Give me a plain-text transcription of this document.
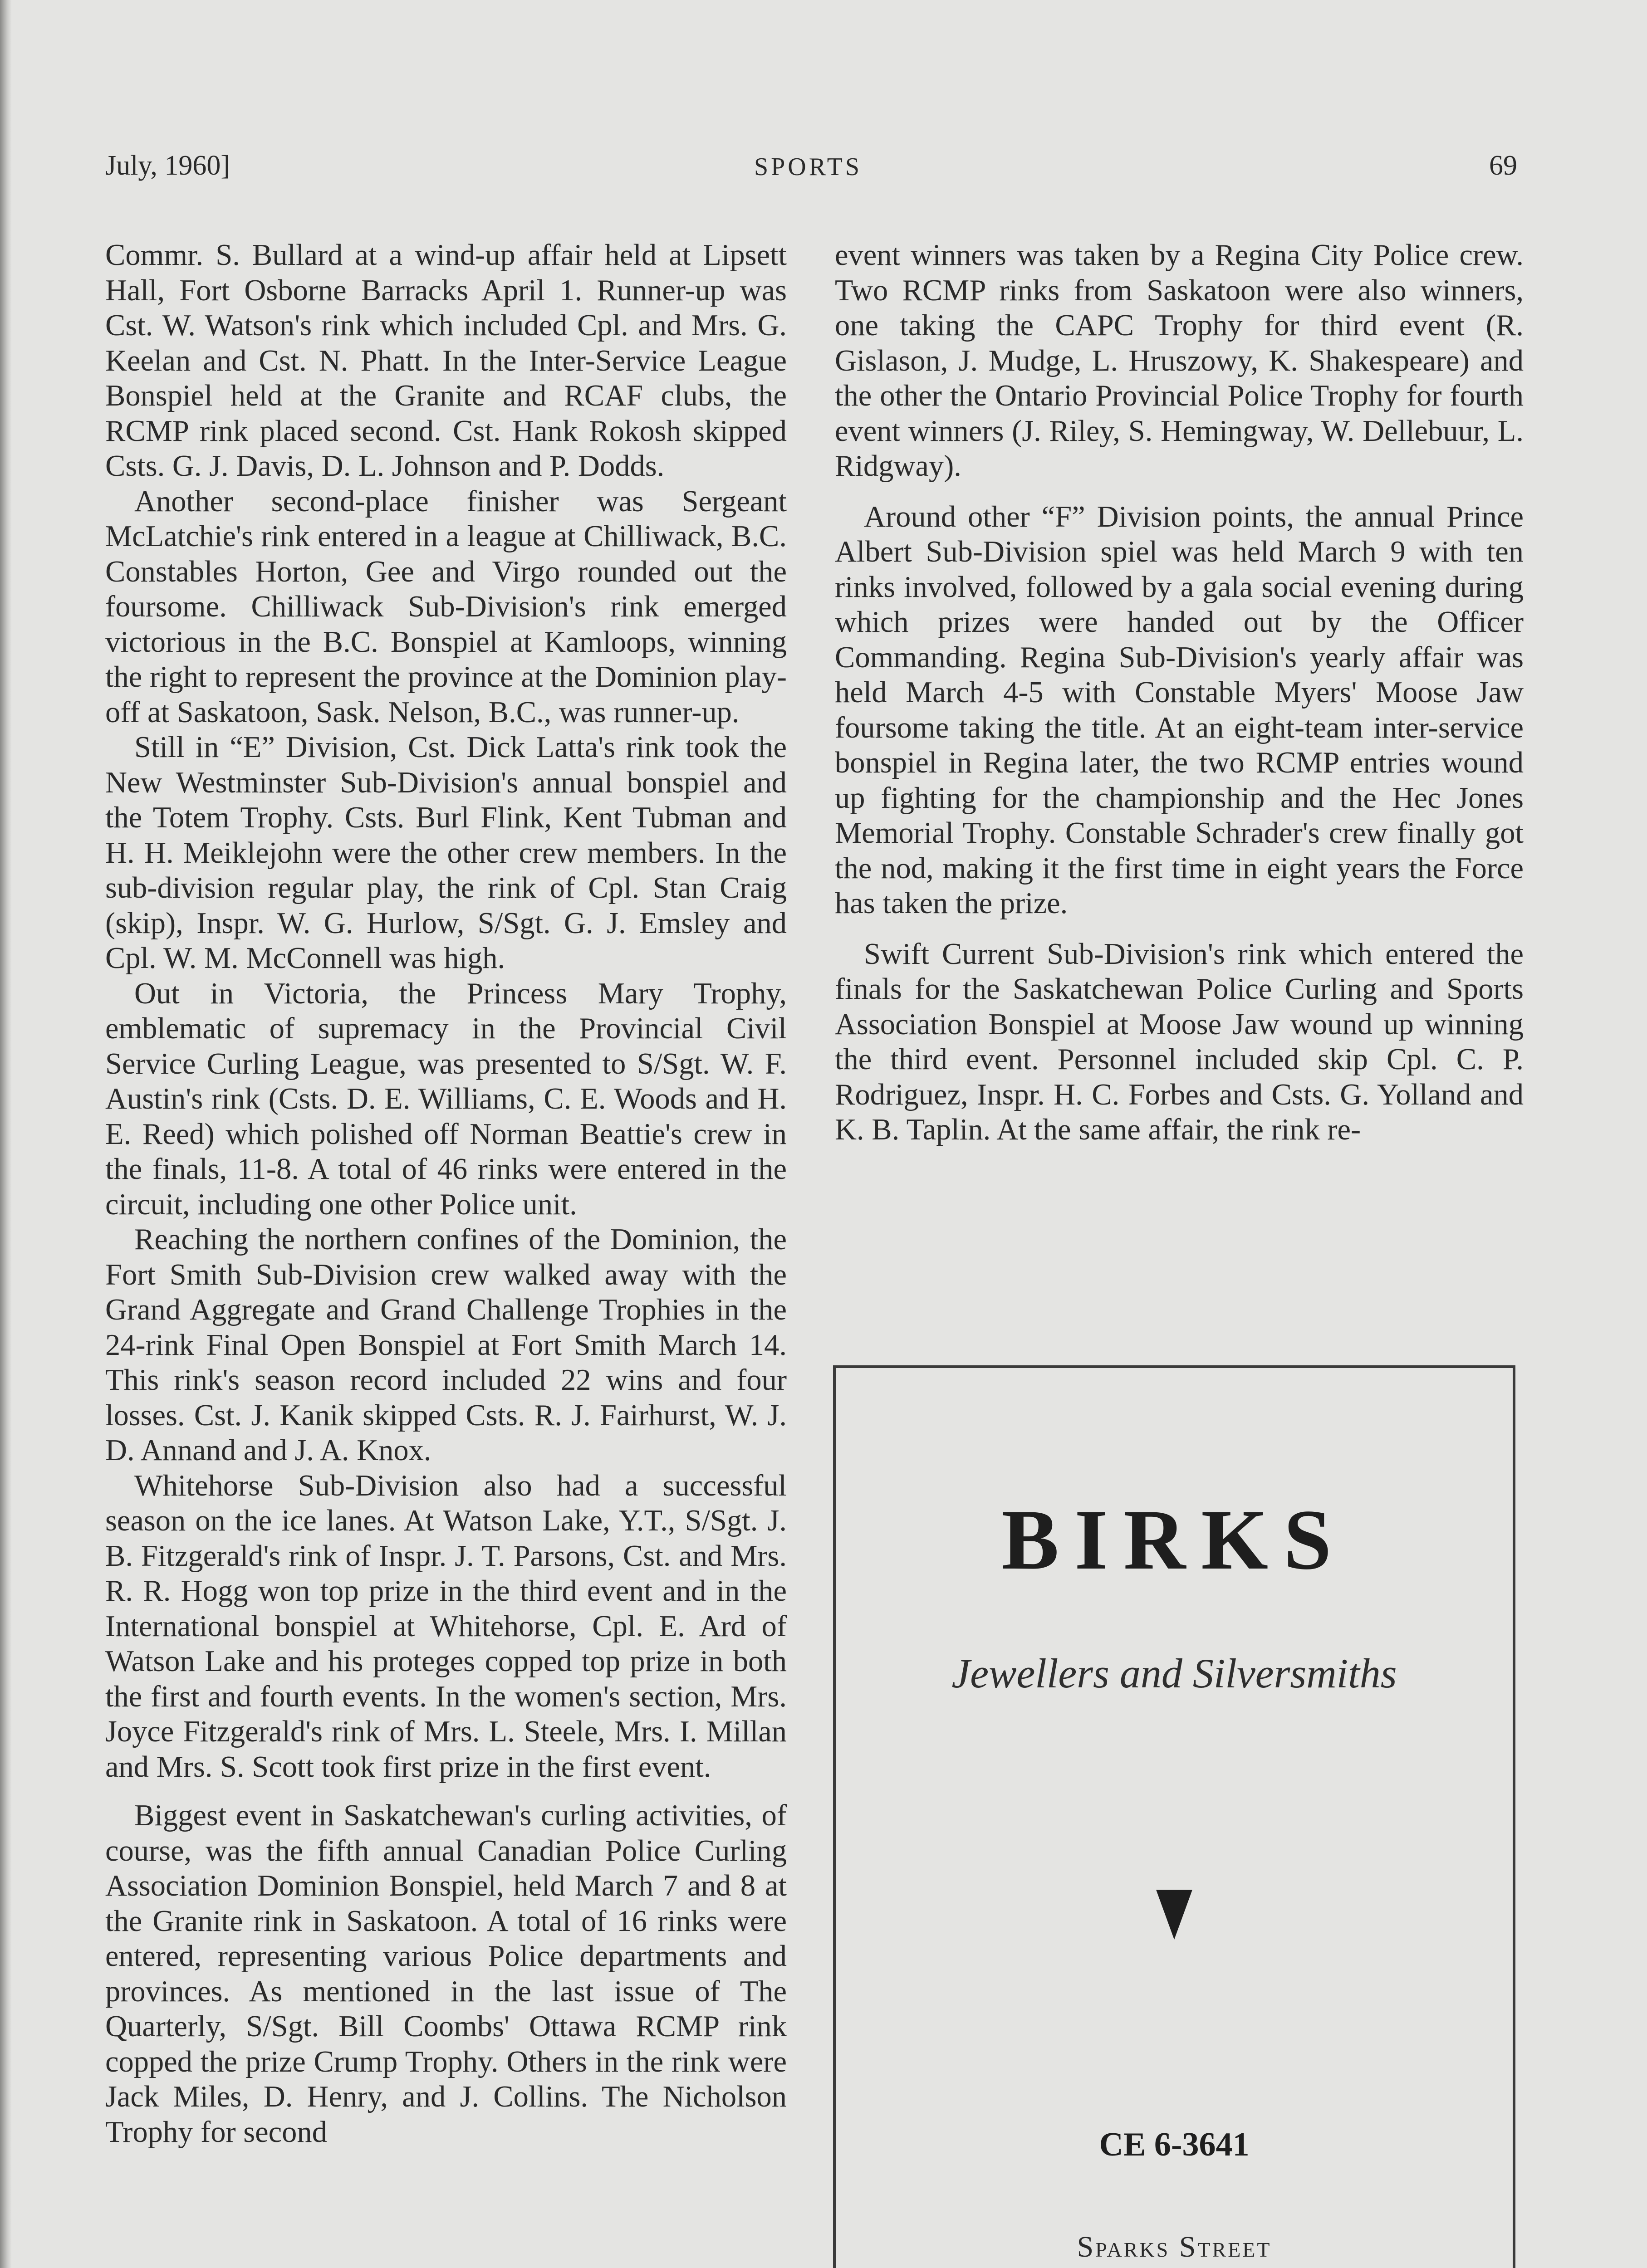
July, 1960]	SPORTS	69

Commr. S. Bullard at a wind-up affair held at Lipsett Hall, Fort Osborne Barracks April 1. Runner-up was Cst. W. Watson's rink which included Cpl. and Mrs. G. Keelan and Cst. N. Phatt. In the Inter-Service League Bonspiel held at the Granite and RCAF clubs, the RCMP rink placed second. Cst. Hank Rokosh skipped Csts. G. J. Davis, D. L. Johnson and P. Dodds.

Another second-place finisher was Sergeant McLatchie's rink entered in a league at Chilliwack, B.C. Constables Horton, Gee and Virgo rounded out the foursome. Chilliwack Sub-Division's rink emerged victorious in the B.C. Bonspiel at Kamloops, winning the right to represent the province at the Dominion play-off at Saskatoon, Sask. Nelson, B.C., was runner-up.

Still in “E” Division, Cst. Dick Latta's rink took the New Westminster Sub-Division's annual bonspiel and the Totem Trophy. Csts. Burl Flink, Kent Tubman and H. H. Meiklejohn were the other crew members. In the sub-division regular play, the rink of Cpl. Stan Craig (skip), Inspr. W. G. Hurlow, S/Sgt. G. J. Emsley and Cpl. W. M. McConnell was high.

Out in Victoria, the Princess Mary Trophy, emblematic of supremacy in the Provincial Civil Service Curling League, was presented to S/Sgt. W. F. Austin's rink (Csts. D. E. Williams, C. E. Woods and H. E. Reed) which polished off Norman Beattie's crew in the finals, 11-8. A total of 46 rinks were entered in the circuit, including one other Police unit.

Reaching the northern confines of the Dominion, the Fort Smith Sub-Division crew walked away with the Grand Aggregate and Grand Challenge Trophies in the 24-rink Final Open Bonspiel at Fort Smith March 14. This rink's season record included 22 wins and four losses. Cst. J. Kanik skipped Csts. R. J. Fairhurst, W. J. D. Annand and J. A. Knox.

Whitehorse Sub-Division also had a successful season on the ice lanes. At Watson Lake, Y.T., S/Sgt. J. B. Fitzgerald's rink of Inspr. J. T. Parsons, Cst. and Mrs. R. R. Hogg won top prize in the third event and in the International bonspiel at Whitehorse, Cpl. E. Ard of Watson Lake and his proteges copped top prize in both the first and fourth events. In the women's section, Mrs. Joyce Fitzgerald's rink of Mrs. L. Steele, Mrs. I. Millan and Mrs. S. Scott took first prize in the first event.

Biggest event in Saskatchewan's curling activities, of course, was the fifth annual Canadian Police Curling Association Dominion Bonspiel, held March 7 and 8 at the Granite rink in Saskatoon. A total of 16 rinks were entered, representing various Police departments and provinces. As mentioned in the last issue of The Quarterly, S/Sgt. Bill Coombs' Ottawa RCMP rink copped the prize Crump Trophy. Others in the rink were Jack Miles, D. Henry, and J. Collins. The Nicholson Trophy for second

event winners was taken by a Regina City Police crew. Two RCMP rinks from Saskatoon were also winners, one taking the CAPC Trophy for third event (R. Gislason, J. Mudge, L. Hruszowy, K. Shakespeare) and the other the Ontario Provincial Police Trophy for fourth event winners (J. Riley, S. Hemingway, W. Dellebuur, L. Ridgway).

Around other “F” Division points, the annual Prince Albert Sub-Division spiel was held March 9 with ten rinks involved, followed by a gala social evening during which prizes were handed out by the Officer Commanding. Regina Sub-Division's yearly affair was held March 4-5 with Constable Myers' Moose Jaw foursome taking the title. At an eight-team inter-service bonspiel in Regina later, the two RCMP entries wound up fighting for the championship and the Hec Jones Memorial Trophy. Constable Schrader's crew finally got the nod, making it the first time in eight years the Force has taken the prize.

Swift Current Sub-Division's rink which entered the finals for the Saskatchewan Police Curling and Sports Association Bonspiel at Moose Jaw wound up winning the third event. Personnel included skip Cpl. C. P. Rodriguez, Inspr. H. C. Forbes and Csts. G. Yolland and K. B. Taplin. At the same affair, the rink re-

BIRKS
Jewellers and Silversmiths
CE 6-3641
Sparks Street
